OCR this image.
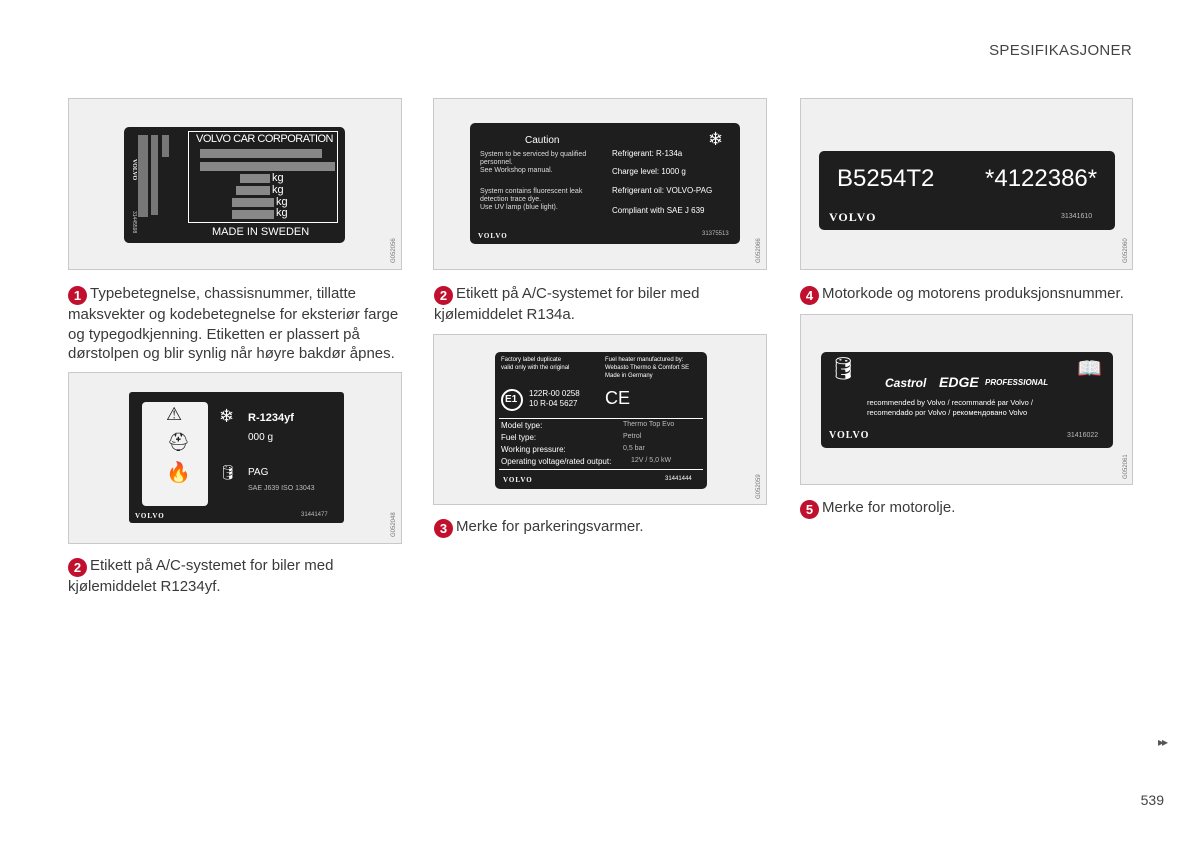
SPESIFIKASJONER
VOLVO
31445598
VOLVO CAR CORPORATION
kg
kg
kg
kg
MADE IN SWEDEN
G052056
Caution
System to be serviced by qualified
personnel.
See Workshop manual.
System contains fluorescent leak
detection trace dye.
Use UV lamp (blue light).
Refrigerant: R-134a
Charge level: 1000 g
Refrigerant oil: VOLVO-PAG
Compliant with SAE J 639
❄
VOLVO	31375513
G052066
B5254T2 *4122386*
VOLVO	31341610
G052060
1 Typebetegnelse, chassisnummer, tillatte maksvekter og kodebetegnelse for eksteriør farge og typegodkjenning. Etiketten er plassert på dørstolpen og blir synlig når høyre bakdør åpnes.
2 Etikett på A/C-systemet for biler med kjølemiddelet R134a.
4 Motorkode og motorens produksjonsnummer.
⚠
⛑
🔥
❄ R-1234yf
000 g
🛢 PAG
SAE J639 ISO 13043
VOLVO	31441477	G052048
Factory label duplicate
valid only with the original
Fuel heater manufactured by:
Webasto Thermo & Comfort SE
Made in Germany
E1
122R-00 0258
10 R-04 5627 CE
Model type:	Thermo Top Evo
Fuel type:	Petrol
Working pressure:	0,5 bar
Operating voltage/rated output:	12V / 5,0 kW
VOLVO	31441444	G052059
🛢	📖
Castrol EDGE PROFESSIONAL
recommended by Volvo / recommandé par Volvo /
recomendado por Volvo / рекомендовано Volvo
VOLVO	31416022
G052061
2 Etikett på A/C-systemet for biler med kjølemiddelet R1234yf.
3 Merke for parkeringsvarmer.
5 Merke for motorolje.
▸▸
539
